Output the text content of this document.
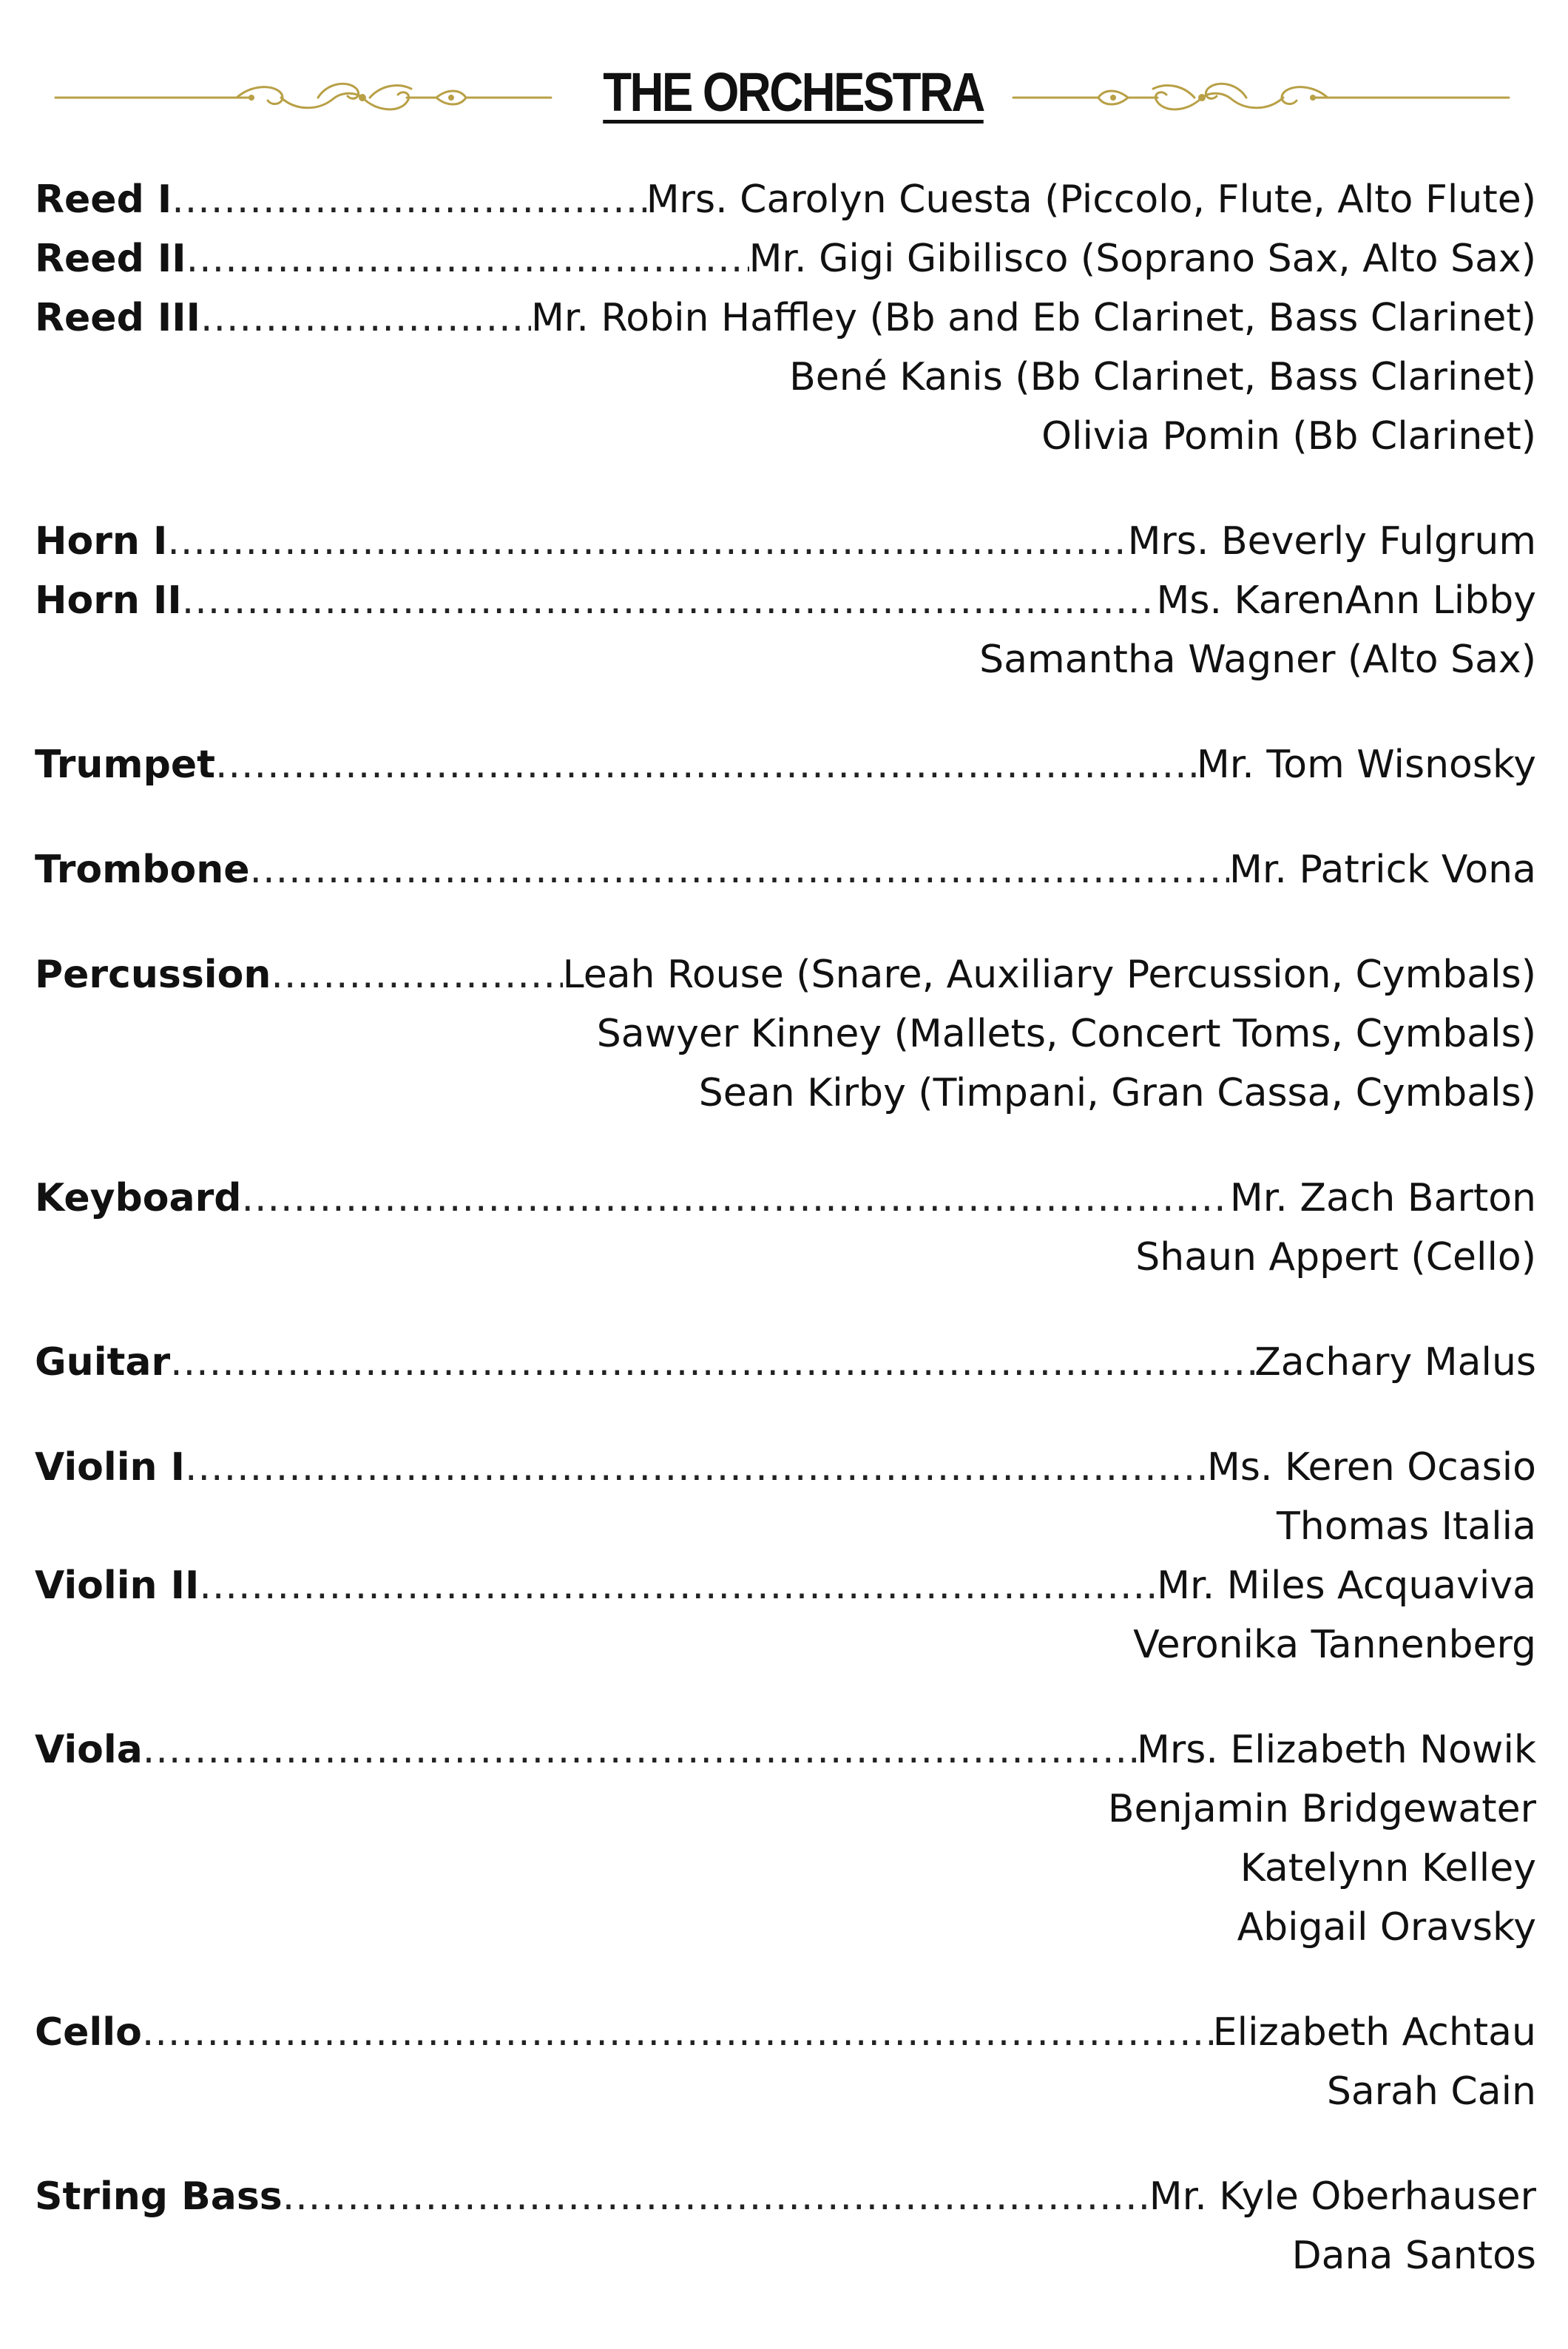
THE ORCHESTRA
Reed I .....	Mrs. Carolyn Cuesta (Piccolo, Flute, Alto Flute)
Reed II .....	Mr. Gigi Gibilisco (Soprano Sax, Alto Sax)
Reed III .....	Mr. Robin Haffley (Bb and Eb Clarinet, Bass Clarinet)
Bené Kanis (Bb Clarinet, Bass Clarinet)
Olivia Pomin (Bb Clarinet)
Horn I .....	Mrs. Beverly Fulgrum
Horn II .....	Ms. KarenAnn Libby
Samantha Wagner (Alto Sax)
Trumpet .....	Mr. Tom Wisnosky
Trombone .....	Mr. Patrick Vona
Percussion .....	Leah Rouse (Snare, Auxiliary Percussion, Cymbals)
Sawyer Kinney (Mallets, Concert Toms, Cymbals)
Sean Kirby (Timpani, Gran Cassa, Cymbals)
Keyboard .....	Mr. Zach Barton
Shaun Appert (Cello)
Guitar .....	Zachary Malus
Violin I .....	Ms. Keren Ocasio
Thomas Italia
Violin II .....	Mr. Miles Acquaviva
Veronika Tannenberg
Viola .....	Mrs. Elizabeth Nowik
Benjamin Bridgewater
Katelynn Kelley
Abigail Oravsky
Cello .....	Elizabeth Achtau
Sarah Cain
String Bass .....	Mr. Kyle Oberhauser
Dana Santos
